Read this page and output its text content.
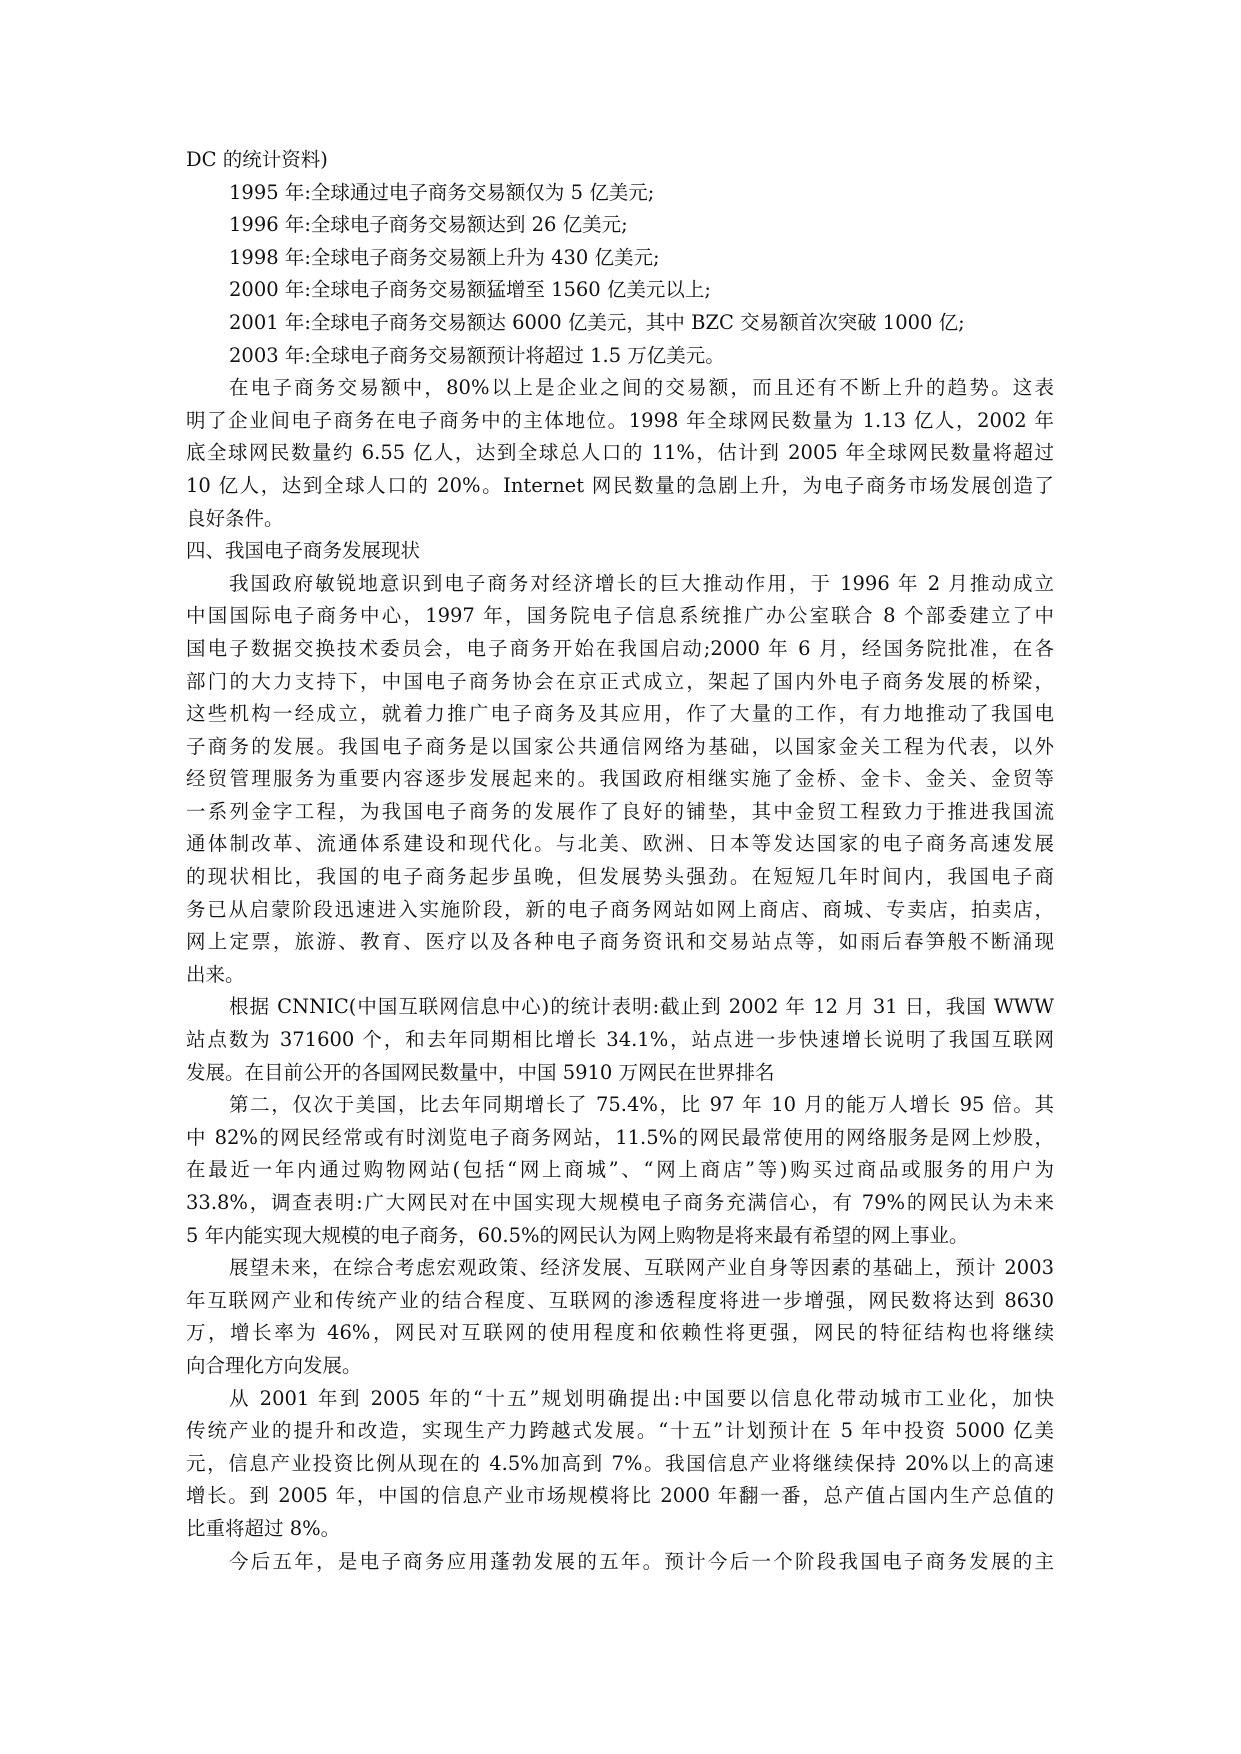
DC 的统计资料)
1995 年:全球通过电子商务交易额仅为 5 亿美元;
1996 年:全球电子商务交易额达到 26 亿美元;
1998 年:全球电子商务交易额上升为 430 亿美元;
2000 年:全球电子商务交易额猛增至 1560 亿美元以上;
2001 年:全球电子商务交易额达 6000 亿美元，其中 BZC 交易额首次突破 1000 亿;
2003 年:全球电子商务交易额预计将超过 1.5 万亿美元。
在电子商务交易额中，80%以上是企业之间的交易额，而且还有不断上升的趋势。这表
明了企业间电子商务在电子商务中的主体地位。1998 年全球网民数量为 1.13 亿人，2002 年
底全球网民数量约 6.55 亿人，达到全球总人口的 11%，估计到 2005 年全球网民数量将超过
10 亿人，达到全球人口的 20%。Internet 网民数量的急剧上升，为电子商务市场发展创造了
良好条件。
四、我国电子商务发展现状
我国政府敏锐地意识到电子商务对经济增长的巨大推动作用，于 1996 年 2 月推动成立
中国国际电子商务中心，1997 年，国务院电子信息系统推广办公室联合 8 个部委建立了中
国电子数据交换技术委员会，电子商务开始在我国启动;2000 年 6 月，经国务院批准，在各
部门的大力支持下，中国电子商务协会在京正式成立，架起了国内外电子商务发展的桥梁，
这些机构一经成立，就着力推广电子商务及其应用，作了大量的工作，有力地推动了我国电
子商务的发展。我国电子商务是以国家公共通信网络为基础，以国家金关工程为代表，以外
经贸管理服务为重要内容逐步发展起来的。我国政府相继实施了金桥、金卡、金关、金贸等
一系列金字工程，为我国电子商务的发展作了良好的铺垫，其中金贸工程致力于推进我国流
通体制改革、流通体系建设和现代化。与北美、欧洲、日本等发达国家的电子商务高速发展
的现状相比，我国的电子商务起步虽晚，但发展势头强劲。在短短几年时间内，我国电子商
务已从启蒙阶段迅速进入实施阶段，新的电子商务网站如网上商店、商城、专卖店，拍卖店，
网上定票，旅游、教育、医疗以及各种电子商务资讯和交易站点等，如雨后春笋般不断涌现
出来。
根据 CNNIC(中国互联网信息中心)的统计表明:截止到 2002 年 12 月 31 日，我国 WWW
站点数为 371600 个，和去年同期相比增长 34.1%，站点进一步快速增长说明了我国互联网
发展。在目前公开的各国网民数量中，中国 5910 万网民在世界排名
第二，仅次于美国，比去年同期增长了 75.4%，比 97 年 10 月的能万人增长 95 倍。其
中 82%的网民经常或有时浏览电子商务网站，11.5%的网民最常使用的网络服务是网上炒股，
在最近一年内通过购物网站(包括“网上商城”、“网上商店”等)购买过商品或服务的用户为
33.8%，调查表明:广大网民对在中国实现大规模电子商务充满信心，有 79%的网民认为未来
5 年内能实现大规模的电子商务，60.5%的网民认为网上购物是将来最有希望的网上事业。
展望未来，在综合考虑宏观政策、经济发展、互联网产业自身等因素的基础上，预计 2003
年互联网产业和传统产业的结合程度、互联网的渗透程度将进一步增强，网民数将达到 8630
万，增长率为 46%，网民对互联网的使用程度和依赖性将更强，网民的特征结构也将继续
向合理化方向发展。
从 2001 年到 2005 年的“十五”规划明确提出:中国要以信息化带动城市工业化，加快
传统产业的提升和改造，实现生产力跨越式发展。“十五”计划预计在 5 年中投资 5000 亿美
元，信息产业投资比例从现在的 4.5%加高到 7%。我国信息产业将继续保持 20%以上的高速
增长。到 2005 年，中国的信息产业市场规模将比 2000 年翻一番，总产值占国内生产总值的
比重将超过 8%。
今后五年，是电子商务应用蓬勃发展的五年。预计今后一个阶段我国电子商务发展的主
